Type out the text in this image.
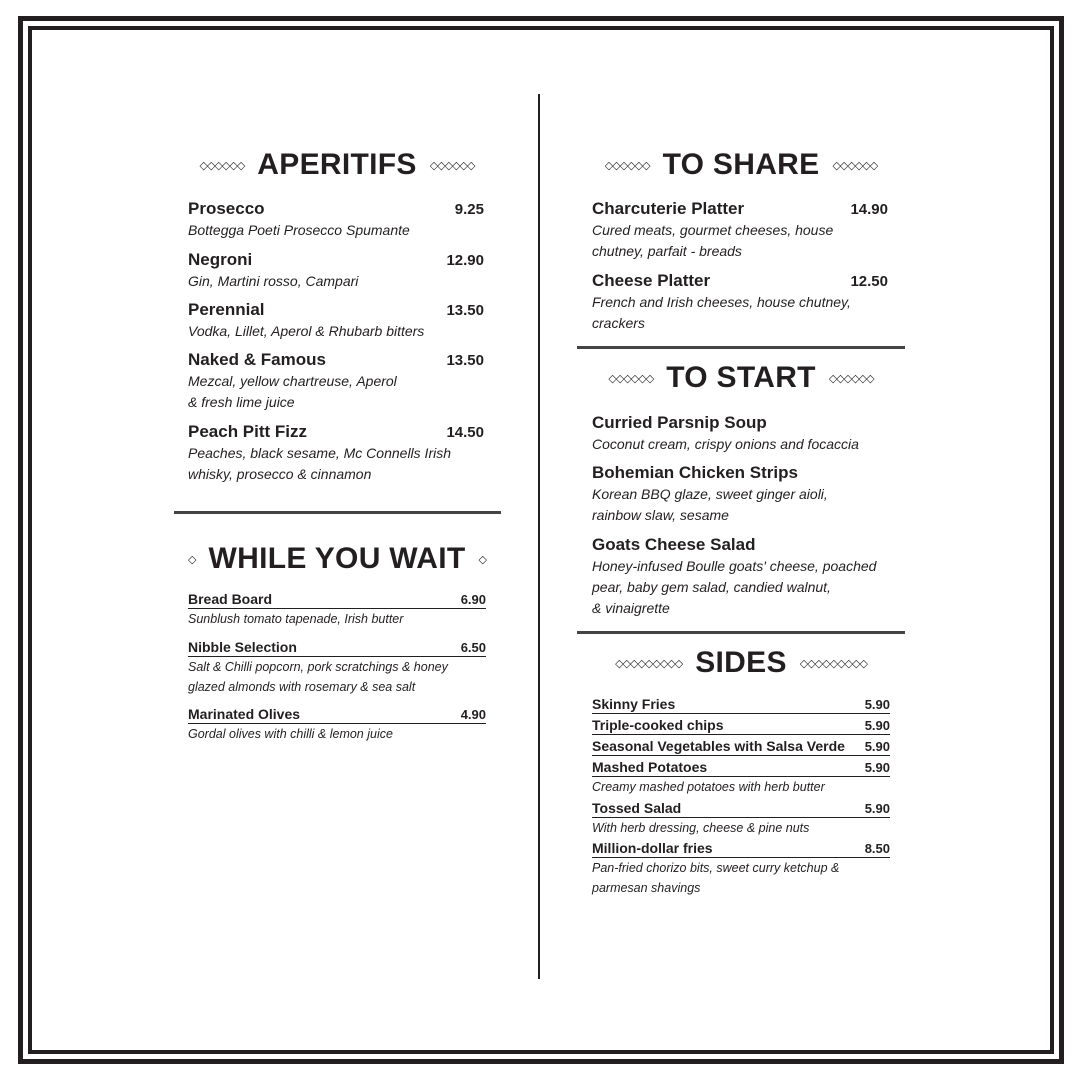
◇◇◇◇◇◇ APERITIFS ◇◇◇◇◇◇
Prosecco	9.25
Bottegga Poeti Prosecco Spumante
Negroni	12.90
Gin, Martini rosso, Campari
Perennial	13.50
Vodka, Lillet, Aperol & Rhubarb bitters
Naked & Famous	13.50
Mezcal, yellow chartreuse, Aperol
& fresh lime juice
Peach Pitt Fizz	14.50
Peaches, black sesame, Mc Connells Irish
whisky, prosecco & cinnamon
◇ WHILE YOU WAIT ◇
Bread Board	6.90
Sunblush tomato tapenade, Irish butter
Nibble Selection	6.50
Salt & Chilli popcorn, pork scratchings & honey
glazed almonds with rosemary & sea salt
Marinated Olives	4.90
Gordal olives with chilli & lemon juice
◇◇◇◇◇◇ TO SHARE ◇◇◇◇◇◇
Charcuterie Platter	14.90
Cured meats, gourmet cheeses, house
chutney, parfait - breads
Cheese Platter	12.50
French and Irish cheeses, house chutney,
crackers
◇◇◇◇◇◇ TO START ◇◇◇◇◇◇
Curried Parsnip Soup
Coconut cream, crispy onions and focaccia
Bohemian Chicken Strips
Korean BBQ glaze, sweet ginger aioli,
rainbow slaw, sesame
Goats Cheese Salad
Honey-infused Boulle goats' cheese, poached
pear, baby gem salad, candied walnut,
& vinaigrette
◇◇◇◇◇◇◇◇◇ SIDES ◇◇◇◇◇◇◇◇◇
Skinny Fries	5.90
Triple-cooked chips	5.90
Seasonal Vegetables with Salsa Verde 5.90
Mashed Potatoes	5.90
Creamy mashed potatoes with herb butter
Tossed Salad	5.90
With herb dressing, cheese & pine nuts
Million-dollar fries	8.50
Pan-fried chorizo bits, sweet curry ketchup &
parmesan shavings
